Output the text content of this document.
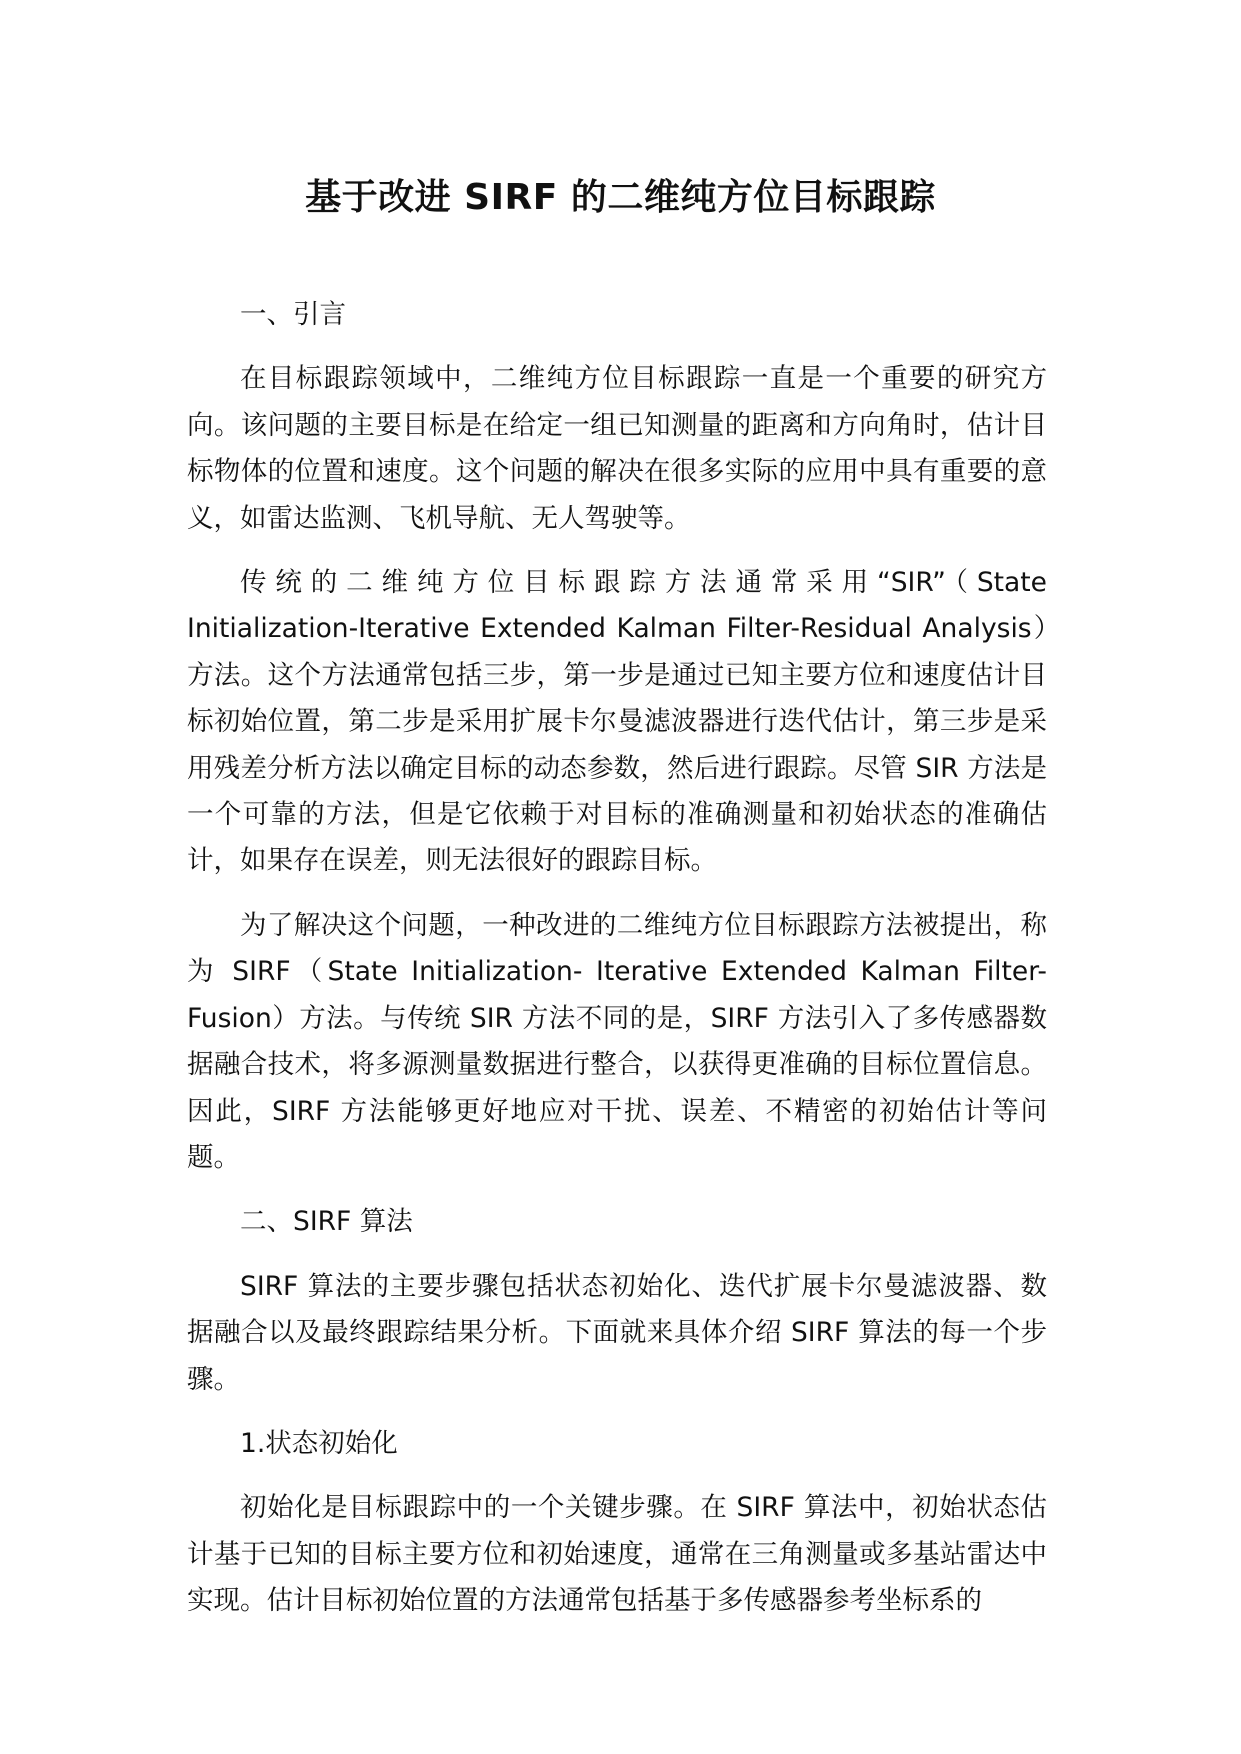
基于改进 SIRF 的二维纯方位目标跟踪

一、引言

在目标跟踪领域中，二维纯方位目标跟踪一直是一个重要的研究方向。该问题的主要目标是在给定一组已知测量的距离和方向角时，估计目标物体的位置和速度。这个问题的解决在很多实际的应用中具有重要的意义，如雷达监测、飞机导航、无人驾驶等。

传统的二维纯方位目标跟踪方法通常采用“SIR”（State Initialization-Iterative Extended Kalman Filter-Residual Analysis）方法。这个方法通常包括三步，第一步是通过已知主要方位和速度估计目标初始位置，第二步是采用扩展卡尔曼滤波器进行迭代估计，第三步是采用残差分析方法以确定目标的动态参数，然后进行跟踪。尽管 SIR 方法是一个可靠的方法，但是它依赖于对目标的准确测量和初始状态的准确估计，如果存在误差，则无法很好的跟踪目标。

为了解决这个问题，一种改进的二维纯方位目标跟踪方法被提出，称为 SIRF（State Initialization- Iterative Extended Kalman Filter- Fusion）方法。与传统 SIR 方法不同的是，SIRF 方法引入了多传感器数据融合技术，将多源测量数据进行整合，以获得更准确的目标位置信息。因此，SIRF 方法能够更好地应对干扰、误差、不精密的初始估计等问题。

二、SIRF 算法

SIRF 算法的主要步骤包括状态初始化、迭代扩展卡尔曼滤波器、数据融合以及最终跟踪结果分析。下面就来具体介绍 SIRF 算法的每一个步骤。

1.状态初始化

初始化是目标跟踪中的一个关键步骤。在 SIRF 算法中，初始状态估计基于已知的目标主要方位和初始速度，通常在三角测量或多基站雷达中实现。估计目标初始位置的方法通常包括基于多传感器参考坐标系的
